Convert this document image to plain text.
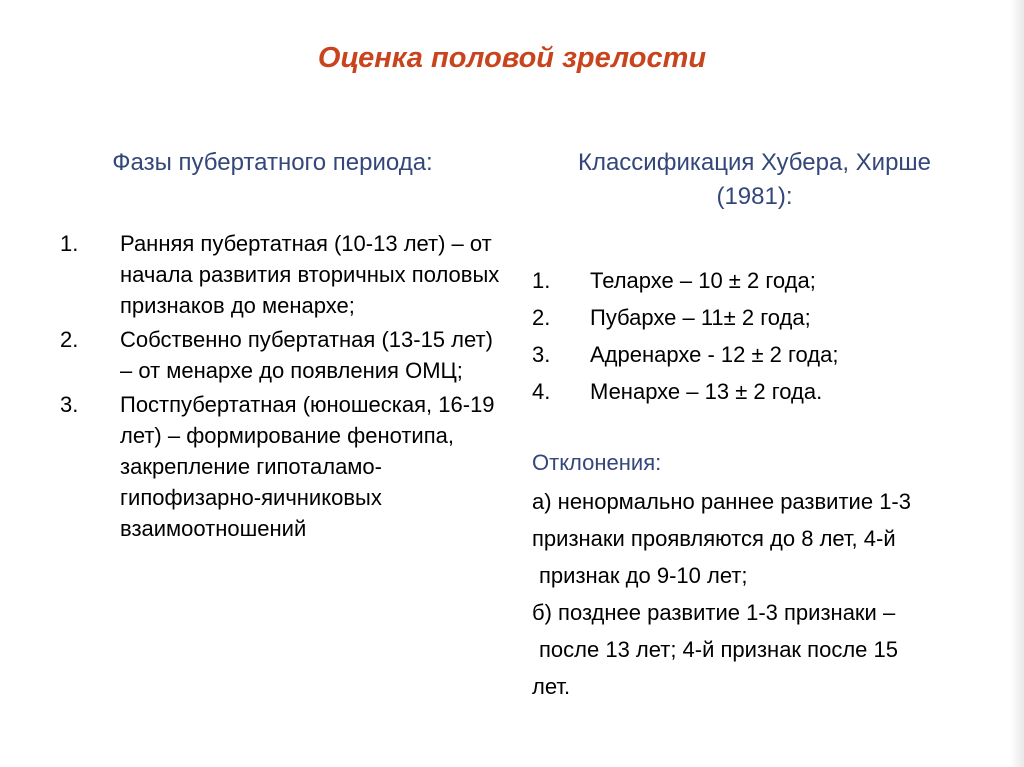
Оценка половой зрелости
Фазы пубертатного периода:	Классификация Хубера, Хирше
(1981):
1.	Ранняя пубертатная (10-13 лет) – от начала развития вторичных половых признаков до менархе;
2.	Собственно пубертатная (13-15 лет) – от менархе до появления ОМЦ;
3.	Постпубертатная (юношеская, 16-19 лет) – формирование фенотипа, закрепление гипоталамо-гипофизарно-яичниковых взаимоотношений
1.	Телархе – 10 ± 2 года;
2.	Пубархе – 11± 2 года;
3.	Адренархе - 12 ± 2 года;
4.	Менархе – 13 ± 2 года.
Отклонения:
а) ненормально раннее развитие 1-3
признаки проявляются до 8 лет, 4-й
признак до 9-10 лет;
б) позднее развитие 1-3 признаки –
после 13 лет; 4-й признак после 15
лет.
